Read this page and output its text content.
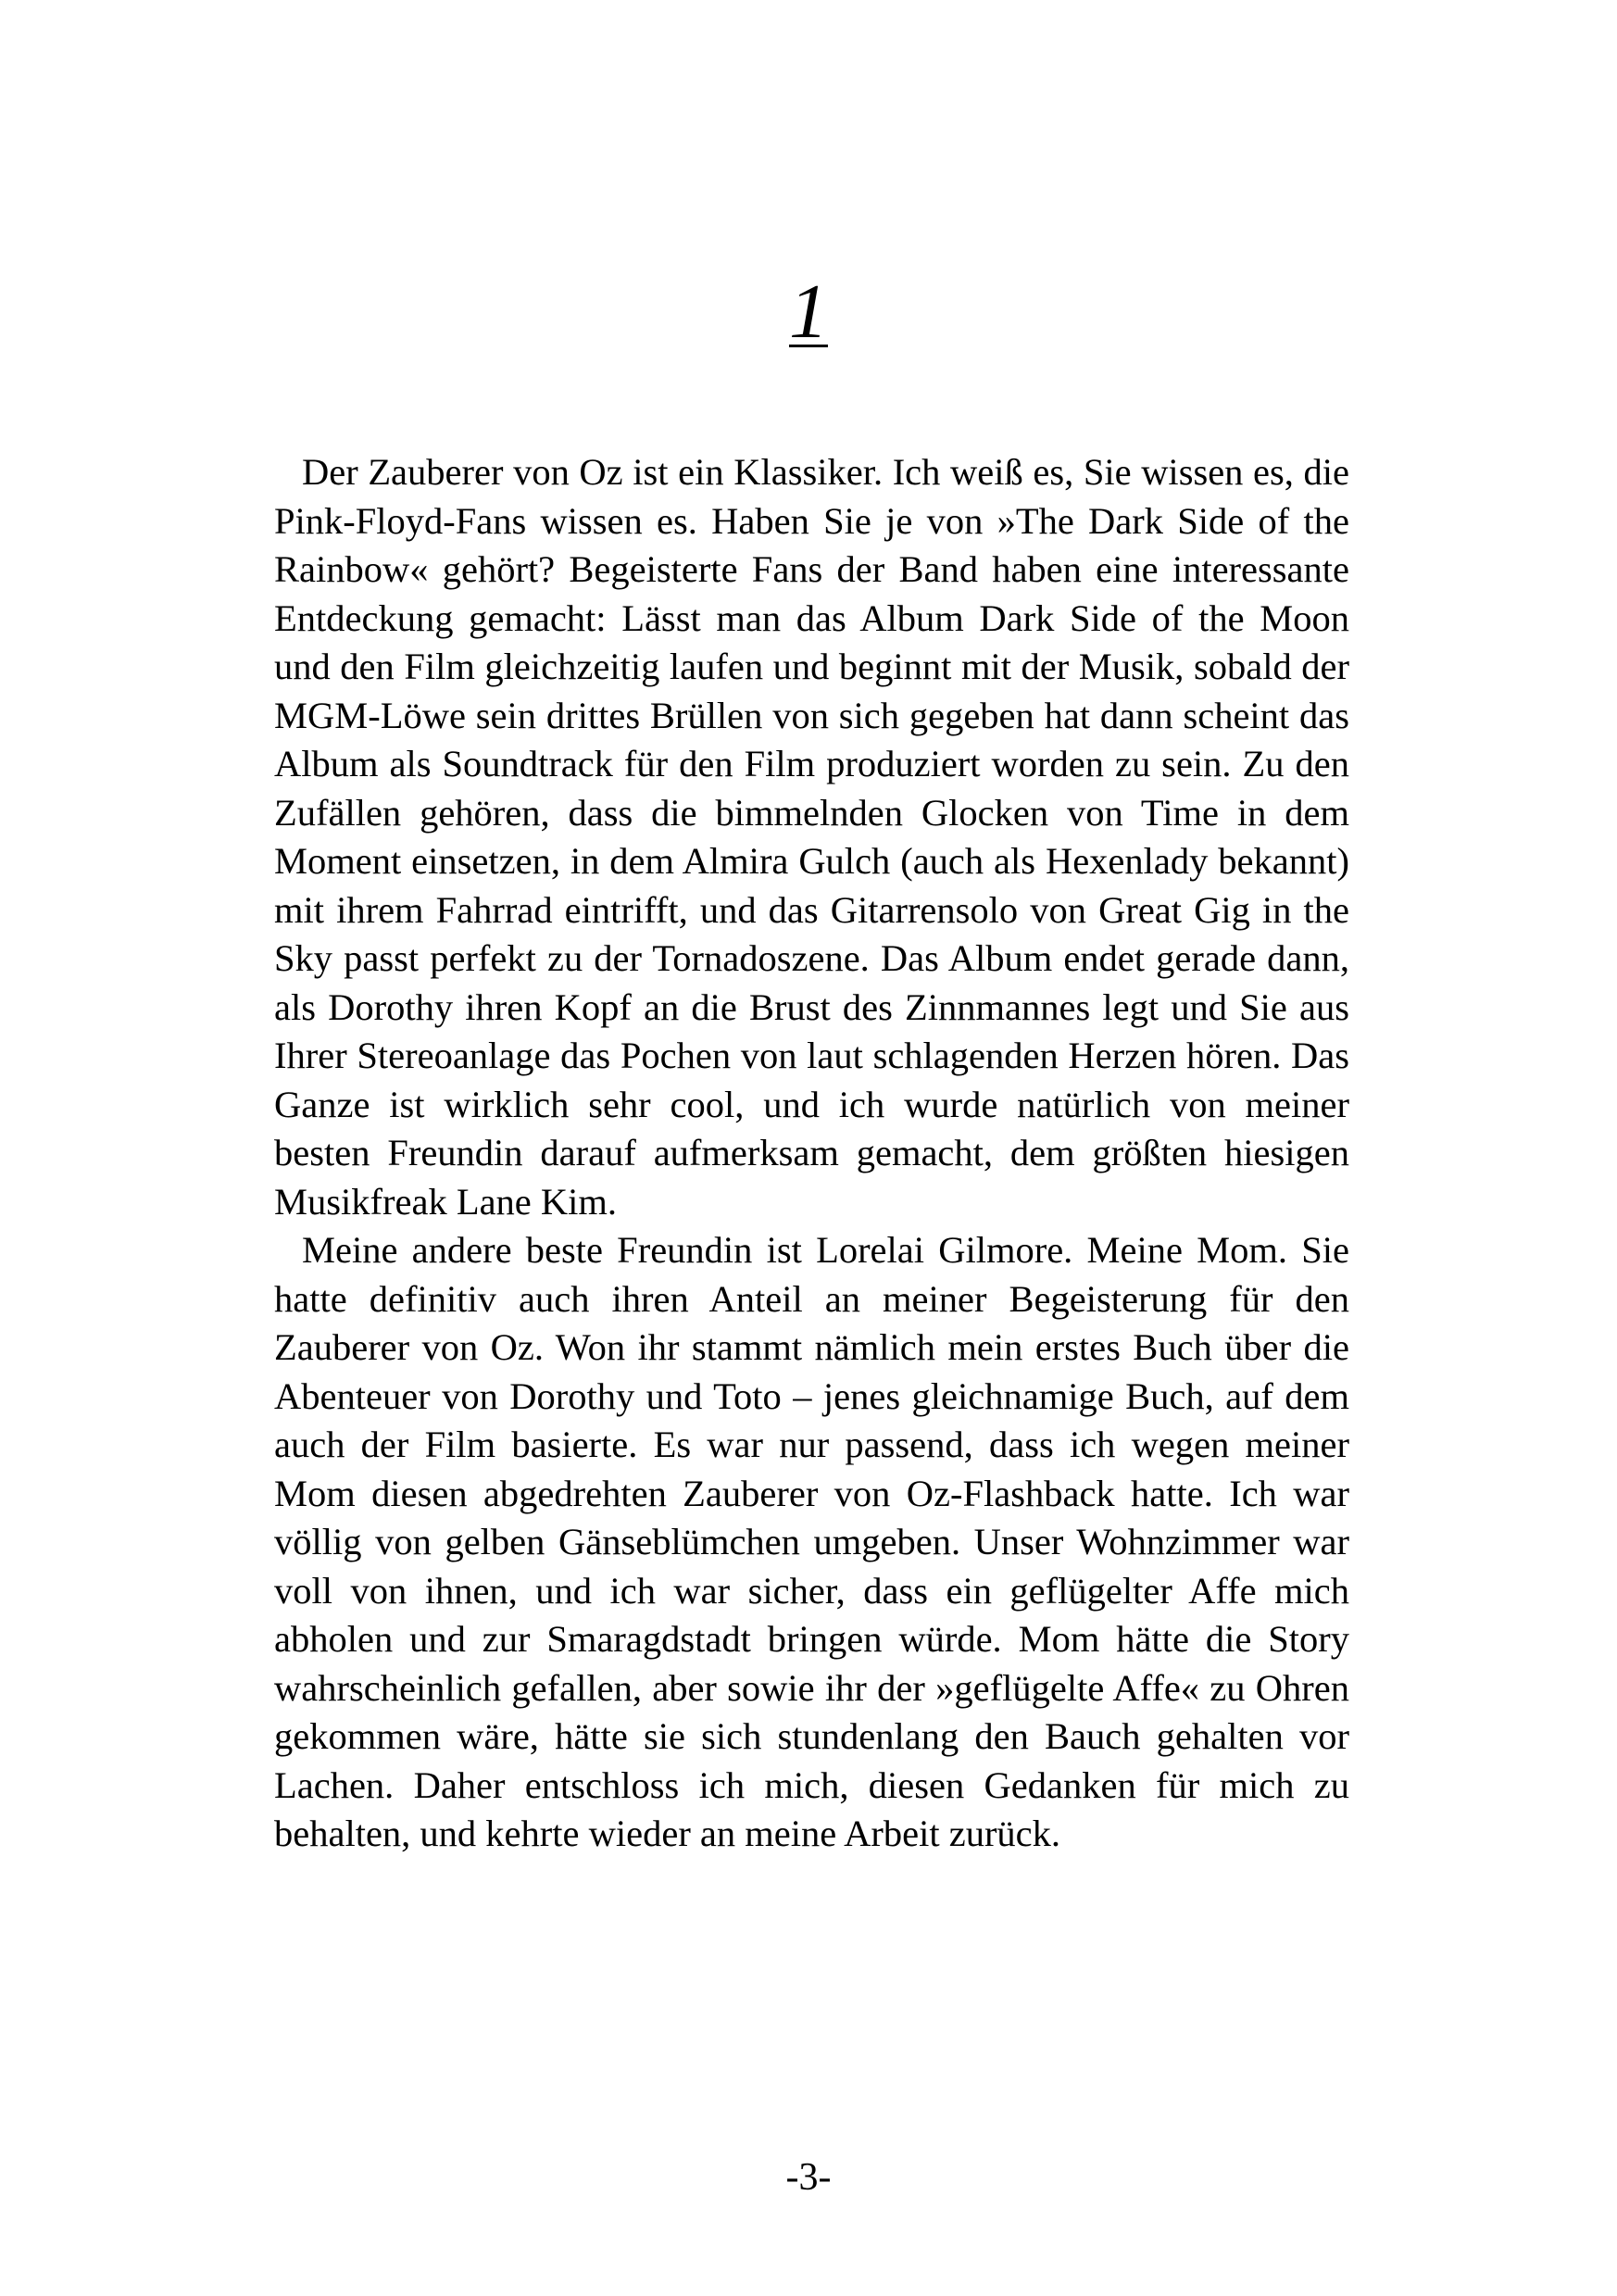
1

Der Zauberer von Oz ist ein Klassiker. Ich weiß es, Sie wissen es, die Pink-Floyd-Fans wissen es. Haben Sie je von »The Dark Side of the Rainbow« gehört? Begeisterte Fans der Band haben eine interessante Entdeckung gemacht: Lässt man das Album Dark Side of the Moon und den Film gleichzeitig laufen und beginnt mit der Musik, sobald der MGM-Löwe sein drittes Brüllen von sich gegeben hat dann scheint das Album als Soundtrack für den Film produziert worden zu sein. Zu den Zufällen gehören, dass die bimmelnden Glocken von Time in dem Moment einsetzen, in dem Almira Gulch (auch als Hexenlady bekannt) mit ihrem Fahrrad eintrifft, und das Gitarrensolo von Great Gig in the Sky passt perfekt zu der Tornadoszene. Das Album endet gerade dann, als Dorothy ihren Kopf an die Brust des Zinnmannes legt und Sie aus Ihrer Stereoanlage das Pochen von laut schlagenden Herzen hören. Das Ganze ist wirklich sehr cool, und ich wurde natürlich von meiner besten Freundin darauf aufmerksam gemacht, dem größten hiesigen Musikfreak Lane Kim.

Meine andere beste Freundin ist Lorelai Gilmore. Meine Mom. Sie hatte definitiv auch ihren Anteil an meiner Begeisterung für den Zauberer von Oz. Won ihr stammt nämlich mein erstes Buch über die Abenteuer von Dorothy und Toto – jenes gleichnamige Buch, auf dem auch der Film basierte. Es war nur passend, dass ich wegen meiner Mom diesen abgedrehten Zauberer von Oz-Flashback hatte. Ich war völlig von gelben Gänseblümchen umgeben. Unser Wohnzimmer war voll von ihnen, und ich war sicher, dass ein geflügelter Affe mich abholen und zur Smaragdstadt bringen würde. Mom hätte die Story wahrscheinlich gefallen, aber sowie ihr der »geflügelte Affe« zu Ohren gekommen wäre, hätte sie sich stundenlang den Bauch gehalten vor Lachen. Daher entschloss ich mich, diesen Gedanken für mich zu behalten, und kehrte wieder an meine Arbeit zurück.

-3-
